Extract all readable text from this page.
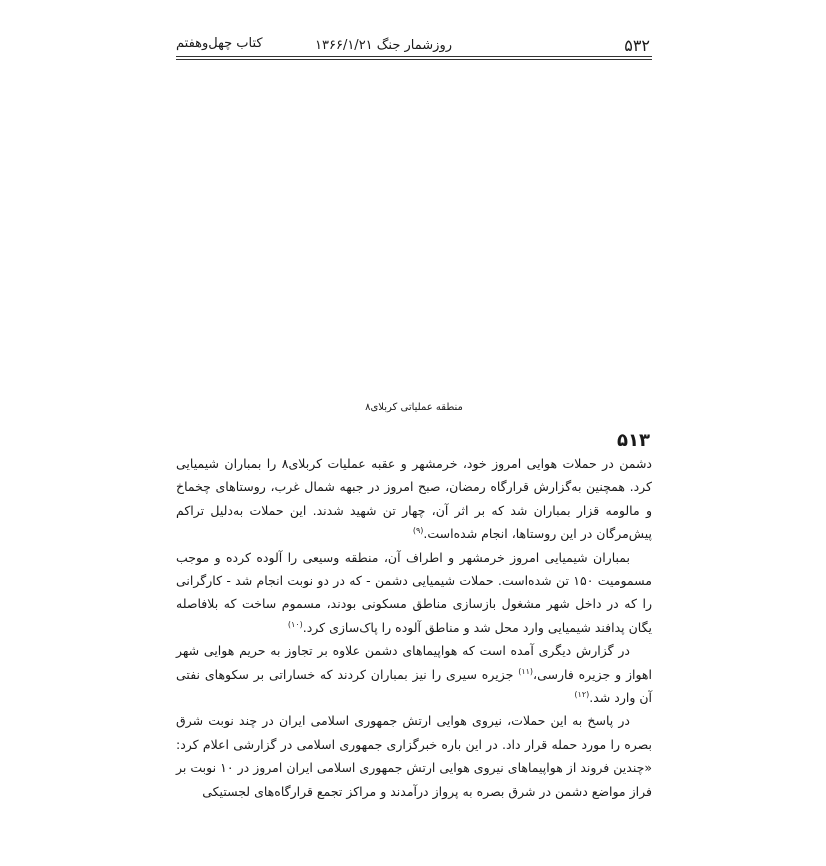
۵۳۲
روزشمار جنگ ۱۳۶۶/۱/۲۱
کتاب چهل‌وهفتم
منطقه عملیاتی کربلای۸
۵۱۳

دشمن در حملات هوایی امروز خود، خرمشهر و عقبه عملیات کربلای۸ را بمباران شیمیایی کرد. همچنین به‌گزارش قرارگاه رمضان، صبح امروز در جبهه شمال غرب، روستاهای چخماخ و مالومه قزار بمباران شد که بر اثر آن، چهار تن شهید شدند. این حملات به‌دلیل تراکم پیش‌مرگان در این روستاها، انجام شده‌است.$^{(۹)}$

بمباران شیمیایی امروز خرمشهر و اطراف آن، منطقه وسیعی را آلوده کرده و موجب مسمومیت ۱۵۰ تن شده‌است. حملات شیمیایی دشمن - که در دو نوبت انجام شد - کارگرانی را که در داخل شهر مشغول بازسازی مناطق مسکونی بودند، مسموم ساخت که بلافاصله یگان پدافند شیمیایی وارد محل شد و مناطق آلوده را پاک‌سازی کرد.$^{(۱۰)}$

در گزارش دیگری آمده است که هواپیماهای دشمن علاوه بر تجاوز به حریم هوایی شهر اهواز و جزیره فارسی،$^{(۱۱)}$ جزیره سیری را نیز بمباران کردند که خساراتی بر سکوهای نفتی آن وارد شد.$^{(۱۲)}$

در پاسخ به این حملات، نیروی هوایی ارتش جمهوری اسلامی ایران در چند نوبت شرق بصره را مورد حمله قرار داد. در این باره خبرگزاری جمهوری اسلامی در گزارشی اعلام کرد: «چندین فروند از هواپیماهای نیروی هوایی ارتش جمهوری اسلامی ایران امروز در ۱۰ نوبت بر فراز مواضع دشمن در شرق بصره به پرواز درآمدند و مراکز تجمع قرارگاه‌های لجستیکی
